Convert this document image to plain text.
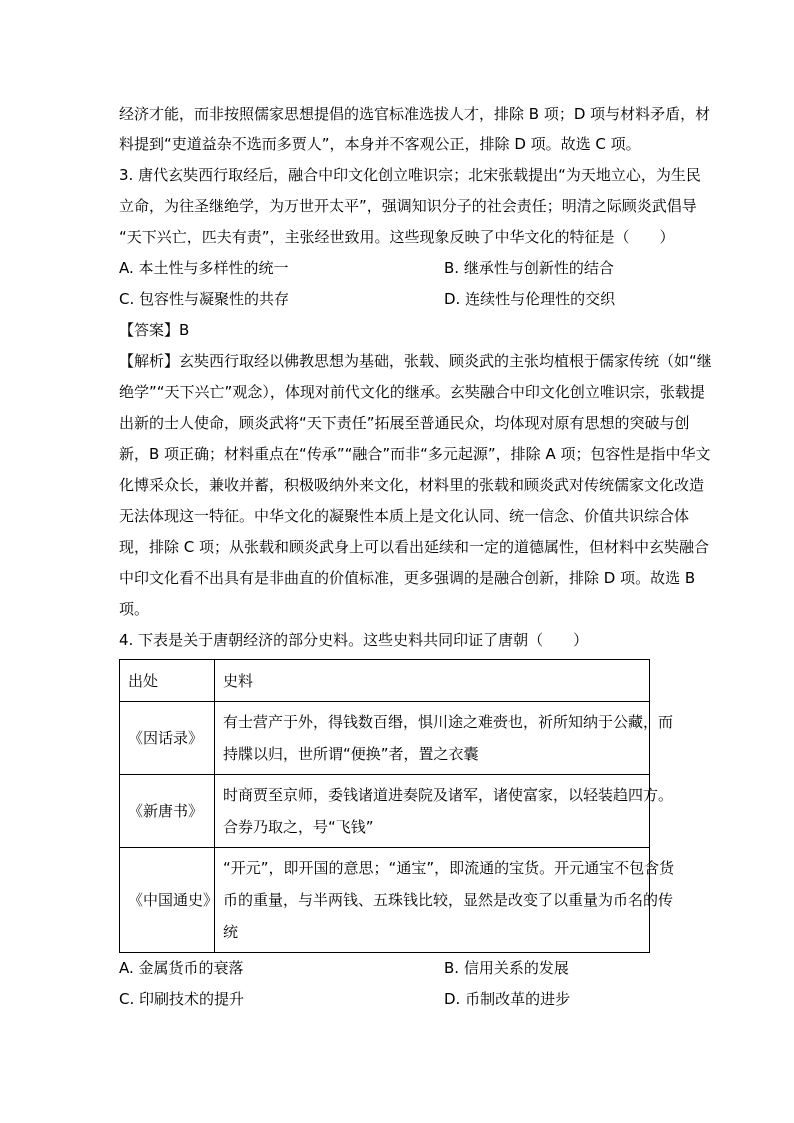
经济才能，而非按照儒家思想提倡的选官标准选拔人才，排除 B 项；D 项与材料矛盾，材
料提到“吏道益杂不选而多贾人”，本身并不客观公正，排除 D 项。故选 C 项。
3. 唐代玄奘西行取经后，融合中印文化创立唯识宗；北宋张载提出“为天地立心，为生民
立命，为往圣继绝学，为万世开太平”，强调知识分子的社会责任；明清之际顾炎武倡导
“天下兴亡，匹夫有责”，主张经世致用。这些现象反映了中华文化的特征是（　　）
A. 本土性与多样性的统一	B. 继承性与创新性的结合
C. 包容性与凝聚性的共存	D. 连续性与伦理性的交织
【答案】B
【解析】玄奘西行取经以佛教思想为基础，张载、顾炎武的主张均植根于儒家传统（如“继
绝学”“天下兴亡”观念），体现对前代文化的继承。玄奘融合中印文化创立唯识宗，张载提
出新的士人使命，顾炎武将“天下责任”拓展至普通民众，均体现对原有思想的突破与创
新，B 项正确；材料重点在“传承”“融合”而非“多元起源”，排除 A 项；包容性是指中华文
化博采众长，兼收并蓄，积极吸纳外来文化，材料里的张载和顾炎武对传统儒家文化改造
无法体现这一特征。中华文化的凝聚性本质上是文化认同、统一信念、价值共识综合体
现，排除 C 项；从张载和顾炎武身上可以看出延续和一定的道德属性，但材料中玄奘融合
中印文化看不出具有是非曲直的价值标准，更多强调的是融合创新，排除 D 项。故选 B
项。
4. 下表是关于唐朝经济的部分史料。这些史料共同印证了唐朝（　　）
出处	史料
《因话录》	有士营产于外，得钱数百缗，惧川途之难赍也，祈所知纳于公藏，而
持牒以归，世所谓“便换”者，置之衣囊

《新唐书》	时商贾至京师，委钱诸道进奏院及诸军，诸使富家，以轻装趋四方。
合券乃取之，号“飞钱”

《中国通史》	“开元”，即开国的意思；“通宝”，即流通的宝货。开元通宝不包含货
币的重量，与半两钱、五珠钱比较，显然是改变了以重量为币名的传
统
A. 金属货币的衰落	B. 信用关系的发展
C. 印刷技术的提升	D. 币制改革的进步
